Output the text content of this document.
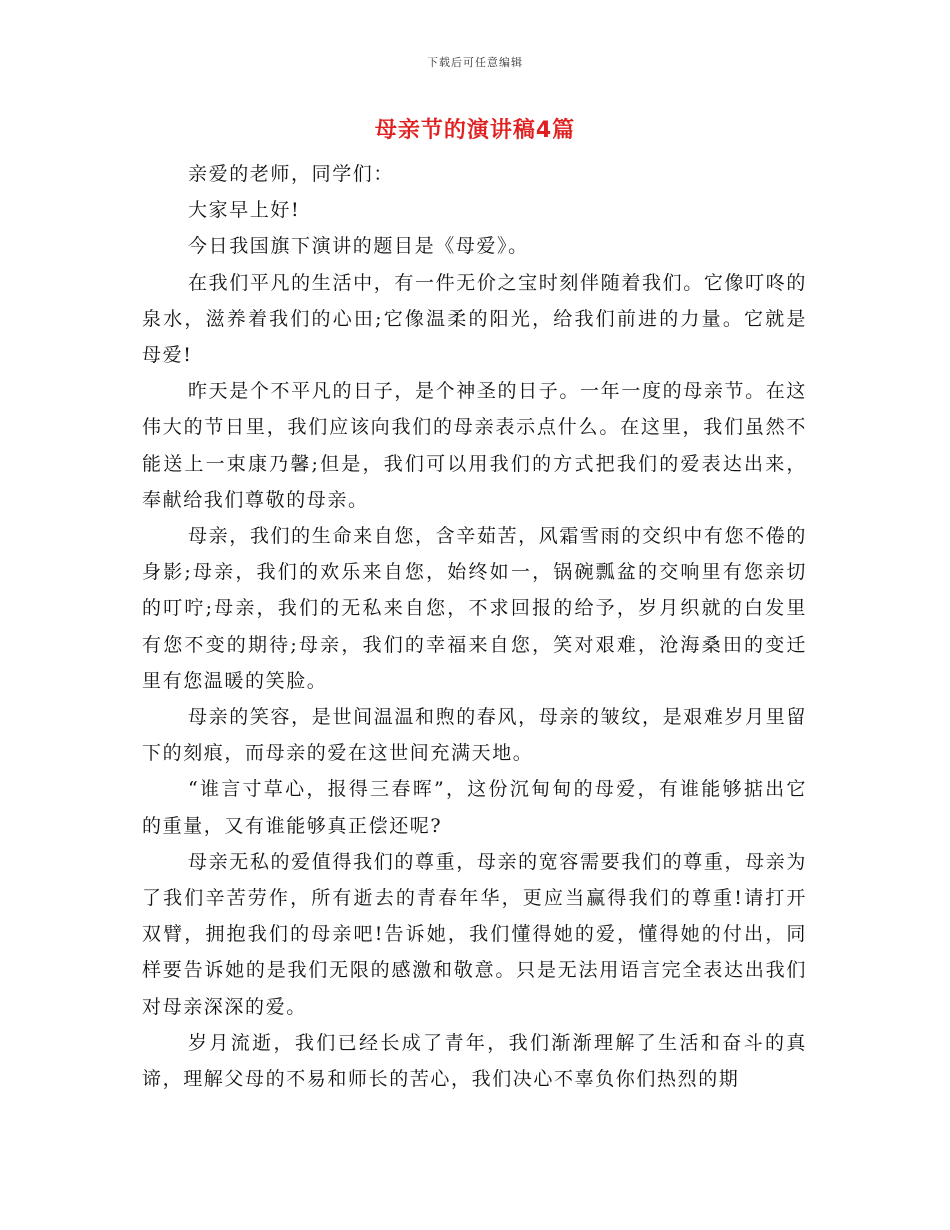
下载后可任意编辑
母亲节的演讲稿4篇

亲爱的老师，同学们：

大家早上好!

今日我国旗下演讲的题目是《母爱》。

在我们平凡的生活中，有一件无价之宝时刻伴随着我们。它像叮咚的泉水，滋养着我们的心田;它像温柔的阳光，给我们前进的力量。它就是母爱!

昨天是个不平凡的日子，是个神圣的日子。一年一度的母亲节。在这伟大的节日里，我们应该向我们的母亲表示点什么。在这里，我们虽然不能送上一束康乃馨;但是，我们可以用我们的方式把我们的爱表达出来，奉献给我们尊敬的母亲。

母亲，我们的生命来自您，含辛茹苦，风霜雪雨的交织中有您不倦的身影;母亲，我们的欢乐来自您，始终如一，锅碗瓢盆的交响里有您亲切的叮咛;母亲，我们的无私来自您，不求回报的给予，岁月织就的白发里有您不变的期待;母亲，我们的幸福来自您，笑对艰难，沧海桑田的变迁里有您温暖的笑脸。

母亲的笑容，是世间温温和煦的春风，母亲的皱纹，是艰难岁月里留下的刻痕，而母亲的爱在这世间充满天地。

“谁言寸草心，报得三春晖”，这份沉甸甸的母爱，有谁能够掂出它的重量，又有谁能够真正偿还呢?

母亲无私的爱值得我们的尊重，母亲的宽容需要我们的尊重，母亲为了我们辛苦劳作，所有逝去的青春年华，更应当赢得我们的尊重!请打开双臂，拥抱我们的母亲吧!告诉她，我们懂得她的爱，懂得她的付出，同样要告诉她的是我们无限的感激和敬意。只是无法用语言完全表达出我们对母亲深深的爱。

岁月流逝，我们已经长成了青年，我们渐渐理解了生活和奋斗的真谛，理解父母的不易和师长的苦心，我们决心不辜负你们热烈的期
